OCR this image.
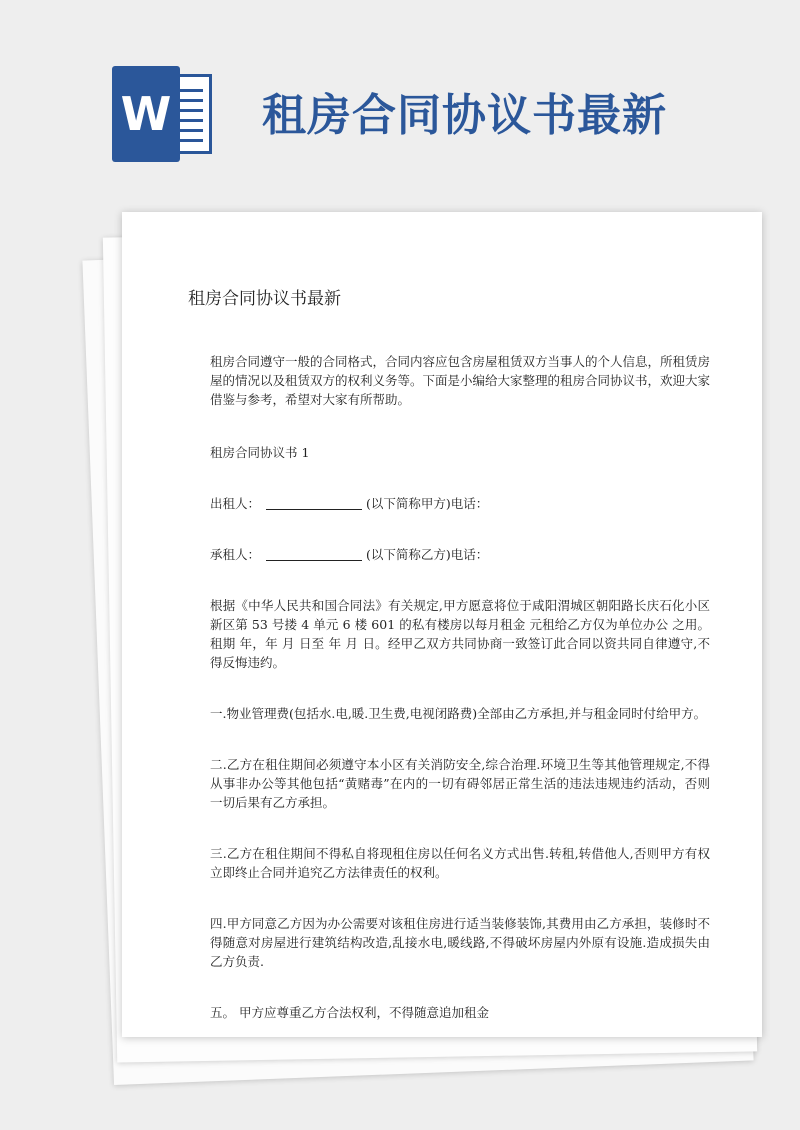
W 租房合同协议书最新
租房合同协议书最新

租房合同遵守一般的合同格式，合同内容应包含房屋租赁双方当事人的个人信息，所租赁房屋的情况以及租赁双方的权利义务等。下面是小编给大家整理的租房合同协议书，欢迎大家借鉴与参考，希望对大家有所帮助。

租房合同协议书 1

出租人：	(以下简称甲方)电话：

承租人：	(以下简称乙方)电话：

根据《中华人民共和国合同法》有关规定,甲方愿意将位于咸阳渭城区朝阳路长庆石化小区新区第 53 号搂 4 单元 6 楼 601 的私有楼房以每月租金 元租给乙方仅为单位办公 之用。租期 年，年 月 日至 年 月 日。经甲乙双方共同协商一致签订此合同以资共同自律遵守,不得反悔违约。

一.物业管理费(包括水.电,暖.卫生费,电视闭路费)全部由乙方承担,并与租金同时付给甲方。

二.乙方在租住期间必须遵守本小区有关消防安全,综合治理.环境卫生等其他管理规定,不得从事非办公等其他包括“黄赌毒”在内的一切有碍邻居正常生活的违法违规违约活动，否则一切后果有乙方承担。

三.乙方在租住期间不得私自将现租住房以任何名义方式出售.转租,转借他人,否则甲方有权立即终止合同并追究乙方法律责任的权利。

四.甲方同意乙方因为办公需要对该租住房进行适当装修装饰,其费用由乙方承担，装修时不得随意对房屋进行建筑结构改造,乱接水电,暖线路,不得破坏房屋内外原有设施.造成损失由乙方负责.

五。 甲方应尊重乙方合法权利，不得随意追加租金
